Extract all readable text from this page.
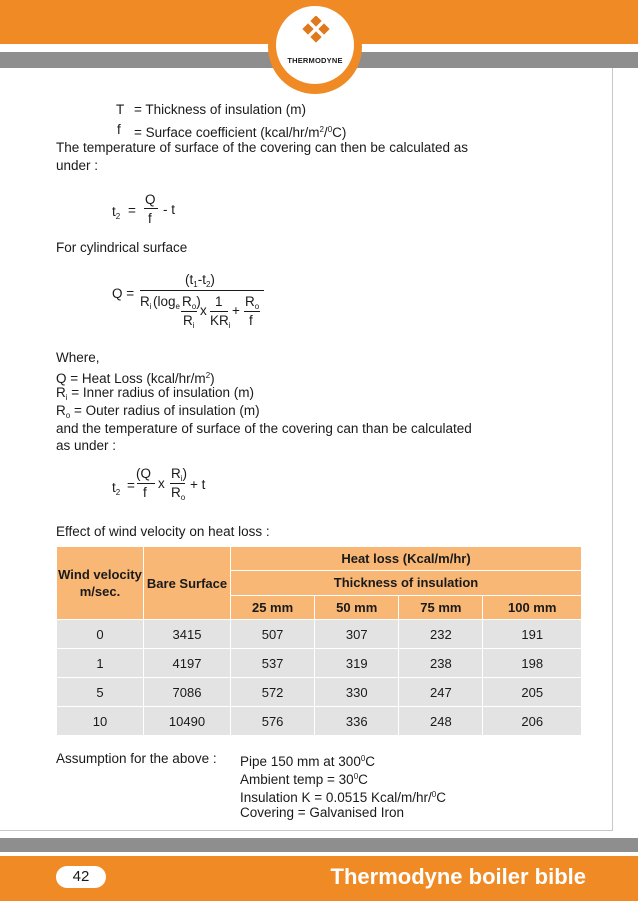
THERMODYNE
T = Thickness of insulation (m)
f = Surface coefficient $(kcal/hr/m^2/^0C)$
The temperature of surface of the covering can then be calculated as
under :
$t_2$ =
Q
f
- t
For cylindrical surface
Q =
$(t_1-t_2)$
$R_i$ ($\log_e$ $R_o$)
$R_i$
x
1
$KR_i$
+
$R_o$
f
Where,
Q = Heat Loss $(kcal/hr/m^2)$
$R_i$ = Inner radius of insulation (m)
$R_o$ = Outer radius of insulation (m)
and the temperature of surface of the covering can than be calculated
as under :
$t_2$ =
(Q
f
x
$R_i$)
$R_o$
+ t
Effect of wind velocity on heat loss :
Wind velocity m/sec.	Bare Surface	Heat loss (Kcal/m/hr)			
		Thickness of insulation			
		25 mm	50 mm	75 mm	100 mm
0	3415	507	307	232	191
1	4197	537	319	238	198
5	7086	572	330	247	205
10	10490	576	336	248	206
Assumption for the above : Pipe 150 mm at $300^0C$
Ambient temp = $30^0C$
Insulation K = 0.0515 Kcal/m/hr/$^0$C
Covering = Galvanised Iron
42	Thermodyne boiler bible
